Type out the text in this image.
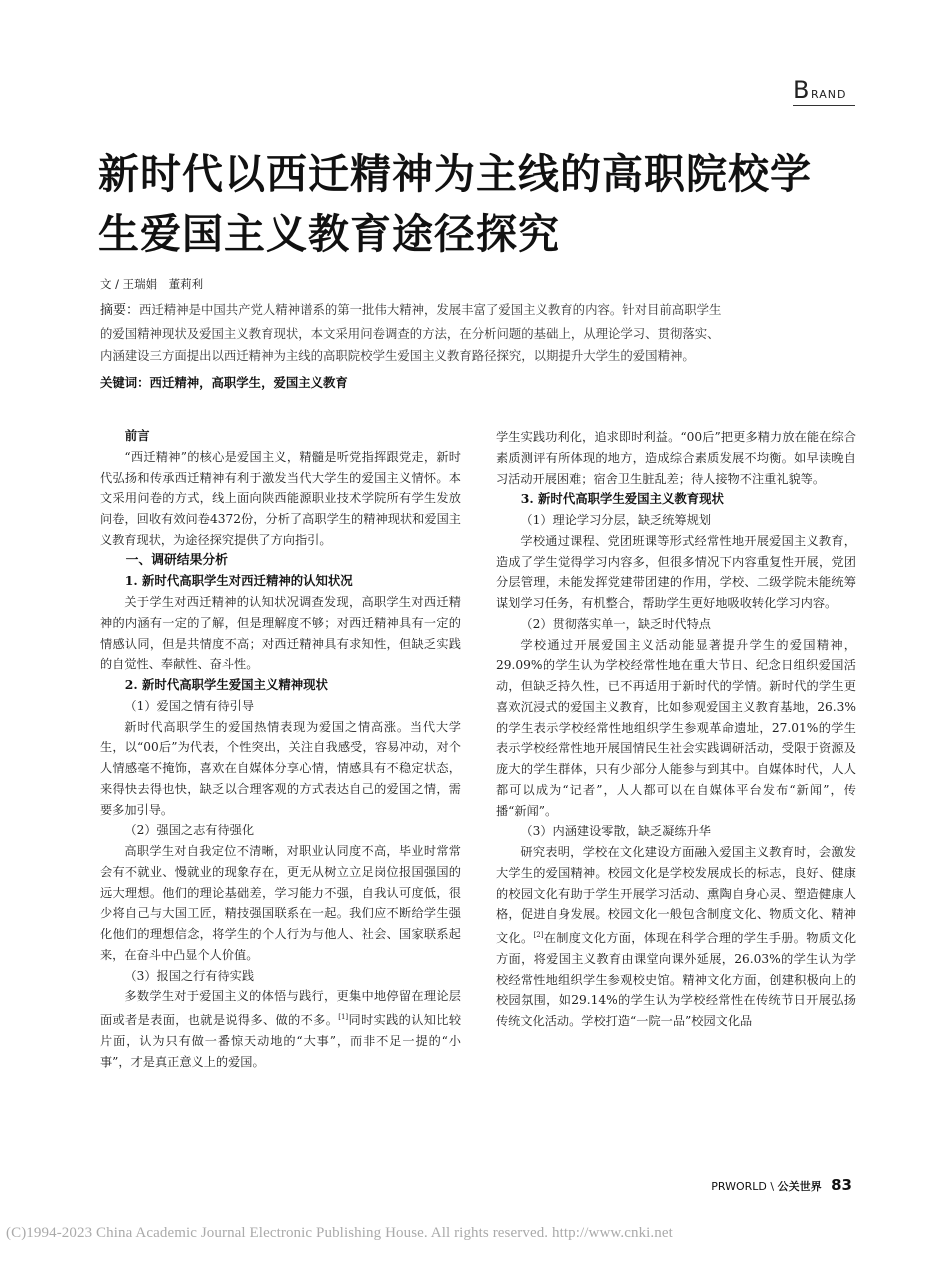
B RAND
新时代以西迁精神为主线的高职院校学
生爱国主义教育途径探究
文 / 王瑞娟　董莉利
摘要：西迁精神是中国共产党人精神谱系的第一批伟大精神，发展丰富了爱国主义教育的内容。针对目前高职学生
的爱国精神现状及爱国主义教育现状，本文采用问卷调查的方法，在分析问题的基础上，从理论学习、贯彻落实、
内涵建设三方面提出以西迁精神为主线的高职院校学生爱国主义教育路径探究，以期提升大学生的爱国精神。
关键词：西迁精神，高职学生，爱国主义教育
前言

“西迁精神”的核心是爱国主义，精髓是听党指挥跟党走，新时代弘扬和传承西迁精神有利于激发当代大学生的爱国主义情怀。本文采用问卷的方式，线上面向陕西能源职业技术学院所有学生发放问卷，回收有效问卷4372份，分析了高职学生的精神现状和爱国主义教育现状，为途径探究提供了方向指引。

一、调研结果分析
1. 新时代高职学生对西迁精神的认知状况

关于学生对西迁精神的认知状况调查发现，高职学生对西迁精神的内涵有一定的了解，但是理解度不够；对西迁精神具有一定的情感认同，但是共情度不高；对西迁精神具有求知性，但缺乏实践的自觉性、奉献性、奋斗性。

2. 新时代高职学生爱国主义精神现状
（1）爱国之情有待引导

新时代高职学生的爱国热情表现为爱国之情高涨。当代大学生，以“00后”为代表，个性突出，关注自我感受，容易冲动，对个人情感毫不掩饰，喜欢在自媒体分享心情，情感具有不稳定状态，来得快去得也快，缺乏以合理客观的方式表达自己的爱国之情，需要多加引导。

（2）强国之志有待强化

高职学生对自我定位不清晰，对职业认同度不高，毕业时常常会有不就业、慢就业的现象存在，更无从树立立足岗位报国强国的远大理想。他们的理论基础差，学习能力不强，自我认可度低，很少将自己与大国工匠，精技强国联系在一起。我们应不断给学生强化他们的理想信念，将学生的个人行为与他人、社会、国家联系起来，在奋斗中凸显个人价值。

（3）报国之行有待实践

多数学生对于爱国主义的体悟与践行，更集中地停留在理论层面或者是表面，也就是说得多、做的不多。[1]同时实践的认知比较片面，认为只有做一番惊天动地的“大事”，而非不足一提的“小事”，才是真正意义上的爱国。

学生实践功利化，追求即时利益。“00后”把更多精力放在能在综合素质测评有所体现的地方，造成综合素质发展不均衡。如早读晚自习活动开展困难；宿舍卫生脏乱差；待人接物不注重礼貌等。

3. 新时代高职学生爱国主义教育现状
（1）理论学习分层，缺乏统筹规划

学校通过课程、党团班课等形式经常性地开展爱国主义教育，造成了学生觉得学习内容多，但很多情况下内容重复性开展，党团分层管理，未能发挥党建带团建的作用，学校、二级学院未能统筹谋划学习任务，有机整合，帮助学生更好地吸收转化学习内容。

（2）贯彻落实单一，缺乏时代特点

学校通过开展爱国主义活动能显著提升学生的爱国精神，29.09%的学生认为学校经常性地在重大节日、纪念日组织爱国活动，但缺乏持久性，已不再适用于新时代的学情。新时代的学生更喜欢沉浸式的爱国主义教育，比如参观爱国主义教育基地，26.3%的学生表示学校经常性地组织学生参观革命遗址，27.01%的学生表示学校经常性地开展国情民生社会实践调研活动，受限于资源及庞大的学生群体，只有少部分人能参与到其中。自媒体时代，人人都可以成为“记者”，人人都可以在自媒体平台发布“新闻”，传播“新闻”。

（3）内涵建设零散，缺乏凝练升华

研究表明，学校在文化建设方面融入爱国主义教育时，会激发大学生的爱国精神。校园文化是学校发展成长的标志，良好、健康的校园文化有助于学生开展学习活动、熏陶自身心灵、塑造健康人格，促进自身发展。校园文化一般包含制度文化、物质文化、精神文化。[2]在制度文化方面，体现在科学合理的学生手册。物质文化方面，将爱国主义教育由课堂向课外延展，26.03%的学生认为学校经常性地组织学生参观校史馆。精神文化方面，创建积极向上的校园氛围，如29.14%的学生认为学校经常性在传统节日开展弘扬传统文化活动。学校打造“一院一品”校园文化品

PRWORLD \ 公关世界 83
(C)1994-2023 China Academic Journal Electronic Publishing House. All rights reserved. http://www.cnki.net
